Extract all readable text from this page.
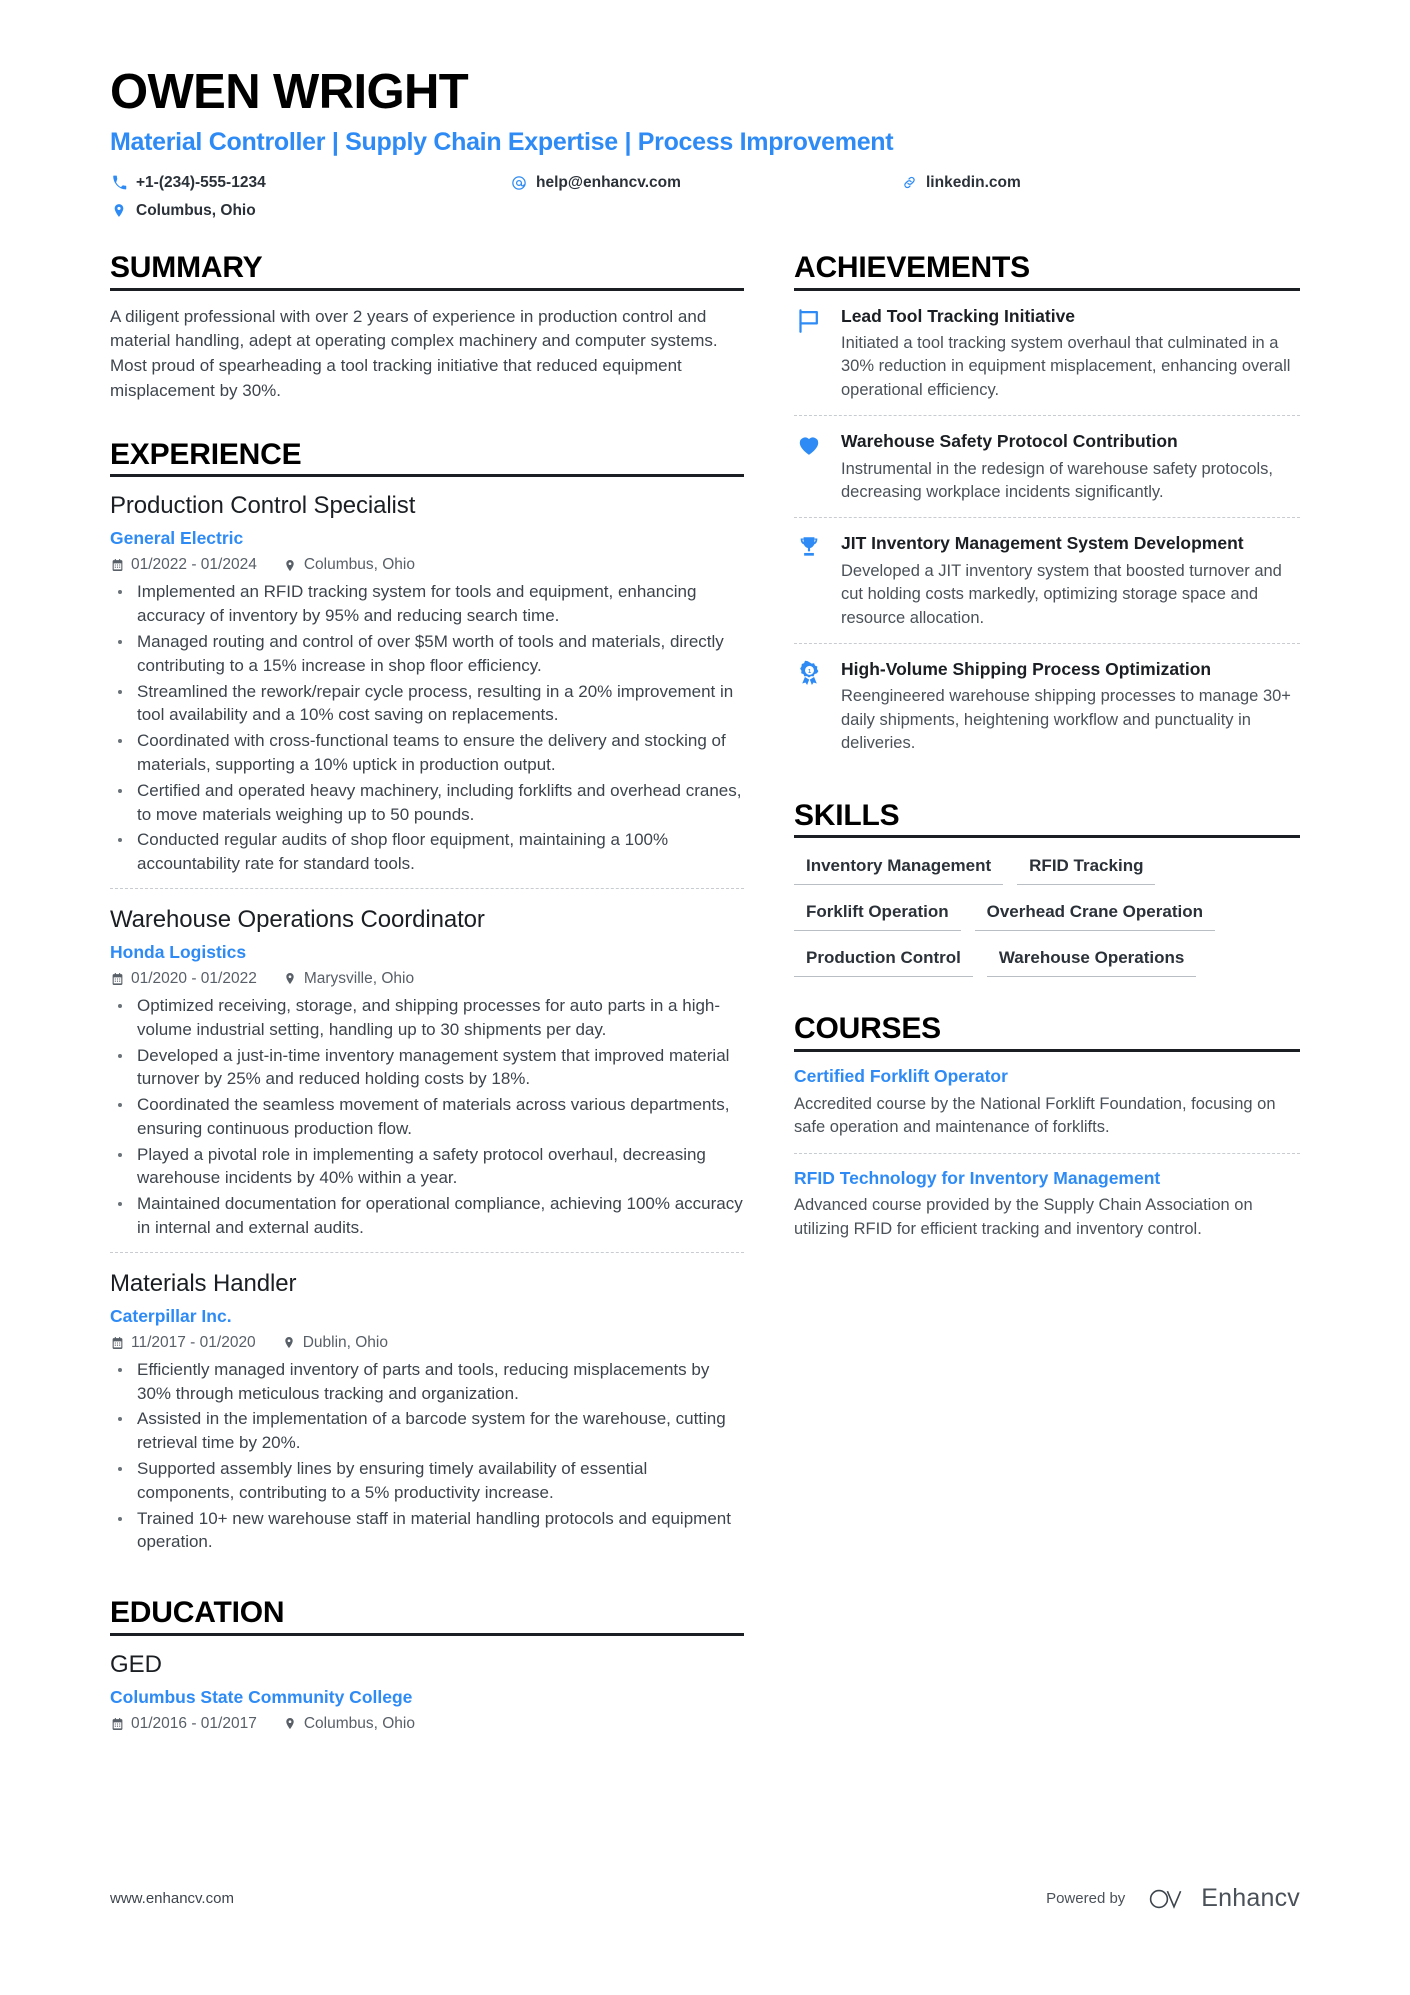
OWEN WRIGHT
Material Controller | Supply Chain Expertise | Process Improvement
+1-(234)-555-1234	help@enhancv.com	linkedin.com
Columbus, Ohio
SUMMARY
A diligent professional with over 2 years of experience in production control and material handling, adept at operating complex machinery and computer systems. Most proud of spearheading a tool tracking initiative that reduced equipment misplacement by 30%.
EXPERIENCE
Production Control Specialist
General Electric
01/2022 - 01/2024	Columbus, Ohio
Implemented an RFID tracking system for tools and equipment, enhancing accuracy of inventory by 95% and reducing search time.
Managed routing and control of over $5M worth of tools and materials, directly contributing to a 15% increase in shop floor efficiency.
Streamlined the rework/repair cycle process, resulting in a 20% improvement in tool availability and a 10% cost saving on replacements.
Coordinated with cross-functional teams to ensure the delivery and stocking of materials, supporting a 10% uptick in production output.
Certified and operated heavy machinery, including forklifts and overhead cranes, to move materials weighing up to 50 pounds.
Conducted regular audits of shop floor equipment, maintaining a 100% accountability rate for standard tools.
Warehouse Operations Coordinator
Honda Logistics
01/2020 - 01/2022	Marysville, Ohio
Optimized receiving, storage, and shipping processes for auto parts in a high-volume industrial setting, handling up to 30 shipments per day.
Developed a just-in-time inventory management system that improved material turnover by 25% and reduced holding costs by 18%.
Coordinated the seamless movement of materials across various departments, ensuring continuous production flow.
Played a pivotal role in implementing a safety protocol overhaul, decreasing warehouse incidents by 40% within a year.
Maintained documentation for operational compliance, achieving 100% accuracy in internal and external audits.
Materials Handler
Caterpillar Inc.
11/2017 - 01/2020	Dublin, Ohio
Efficiently managed inventory of parts and tools, reducing misplacements by 30% through meticulous tracking and organization.
Assisted in the implementation of a barcode system for the warehouse, cutting retrieval time by 20%.
Supported assembly lines by ensuring timely availability of essential components, contributing to a 5% productivity increase.
Trained 10+ new warehouse staff in material handling protocols and equipment operation.
EDUCATION
GED
Columbus State Community College
01/2016 - 01/2017	Columbus, Ohio
ACHIEVEMENTS
Lead Tool Tracking Initiative
Initiated a tool tracking system overhaul that culminated in a 30% reduction in equipment misplacement, enhancing overall operational efficiency.
Warehouse Safety Protocol Contribution
Instrumental in the redesign of warehouse safety protocols, decreasing workplace incidents significantly.
JIT Inventory Management System Development
Developed a JIT inventory system that boosted turnover and cut holding costs markedly, optimizing storage space and resource allocation.
1 High-Volume Shipping Process Optimization
Reengineered warehouse shipping processes to manage 30+ daily shipments, heightening workflow and punctuality in deliveries.
SKILLS
Inventory Management	RFID Tracking
Forklift Operation	Overhead Crane Operation
Production Control	Warehouse Operations
COURSES
Certified Forklift Operator
Accredited course by the National Forklift Foundation, focusing on safe operation and maintenance of forklifts.
RFID Technology for Inventory Management
Advanced course provided by the Supply Chain Association on utilizing RFID for efficient tracking and inventory control.
www.enhancv.com	Powered by	Enhancv
